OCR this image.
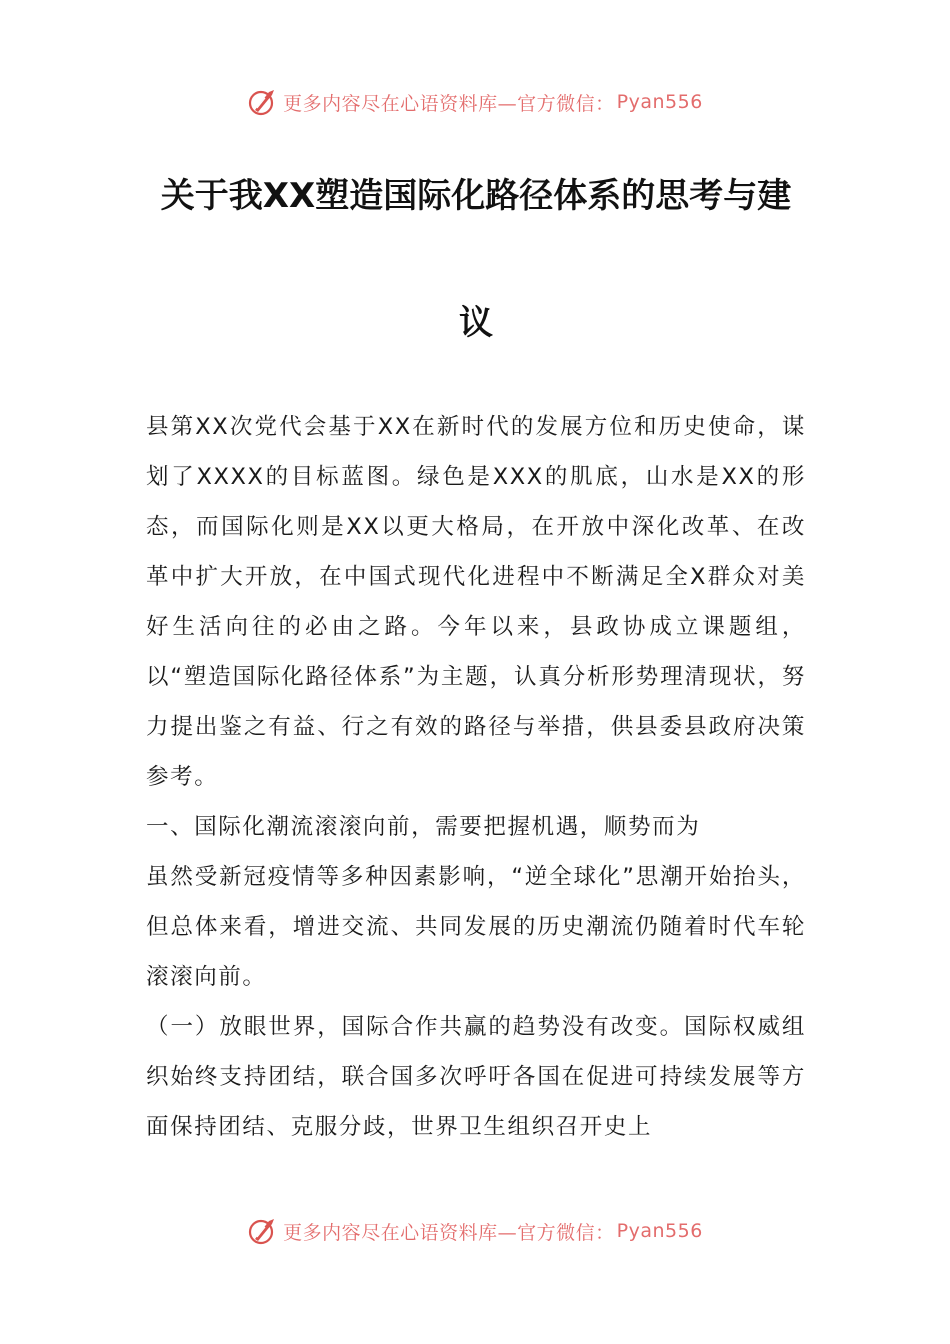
更多内容尽在心语资料库—官方微信： Pyan556
关于我XX塑造国际化路径体系的思考与建
议

县第XX次党代会基于XX在新时代的发展方位和历史使命，谋划了XXXX的目标蓝图。绿色是XXX的肌底，山水是XX的形态，而国际化则是XX以更大格局，在开放中深化改革、在改革中扩大开放，在中国式现代化进程中不断满足全X群众对美好生活向往的必由之路。今年以来，县政协成立课题组，以“塑造国际化路径体系”为主题，认真分析形势理清现状，努力提出鉴之有益、行之有效的路径与举措，供县委县政府决策参考。

一、国际化潮流滚滚向前，需要把握机遇，顺势而为

虽然受新冠疫情等多种因素影响，“逆全球化”思潮开始抬头，但总体来看，增进交流、共同发展的历史潮流仍随着时代车轮滚滚向前。

（一）放眼世界，国际合作共赢的趋势没有改变。国际权威组织始终支持团结，联合国多次呼吁各国在促进可持续发展等方面保持团结、克服分歧，世界卫生组织召开史上

更多内容尽在心语资料库—官方微信： Pyan556
